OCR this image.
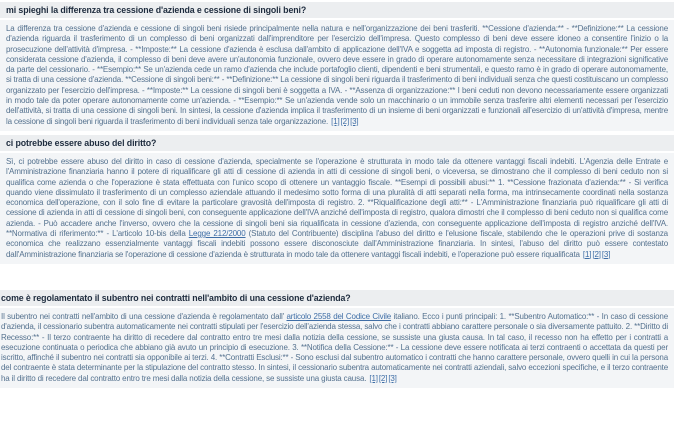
mi spieghi la differenza tra cessione d'azienda e cessione di singoli beni?
La differenza tra cessione d'azienda e cessione di singoli beni risiede principalmente nella natura e nell'organizzazione dei beni trasferiti. **Cessione d'azienda:** - **Definizione:** La cessione d'azienda riguarda il trasferimento di un complesso di beni organizzati dall'imprenditore per l'esercizio dell'impresa. Questo complesso di beni deve essere idoneo a consentire l'inizio o la prosecuzione dell'attività d'impresa. - **Imposte:** La cessione d'azienda è esclusa dall'ambito di applicazione dell'IVA e soggetta ad imposta di registro. - **Autonomia funzionale:** Per essere considerata cessione d'azienda, il complesso di beni deve avere un'autonomia funzionale, ovvero deve essere in grado di operare autonomamente senza necessitare di integrazioni significative da parte del cessionario. - **Esempio:** Se un'azienda cede un ramo d'azienda che include portafoglio clienti, dipendenti e beni strumentali, e questo ramo è in grado di operare autonomamente, si tratta di una cessione d'azienda. **Cessione di singoli beni:** - **Definizione:** La cessione di singoli beni riguarda il trasferimento di beni individuali senza che questi costituiscano un complesso organizzato per l'esercizio dell'impresa. - **Imposte:** La cessione di singoli beni è soggetta a IVA. - **Assenza di organizzazione:** I beni ceduti non devono necessariamente essere organizzati in modo tale da poter operare autonomamente come un'azienda. - **Esempio:** Se un'azienda vende solo un macchinario o un immobile senza trasferire altri elementi necessari per l'esercizio dell'attività, si tratta di una cessione di singoli beni. In sintesi, la cessione d'azienda implica il trasferimento di un insieme di beni organizzati e funzionali all'esercizio di un'attività d'impresa, mentre la cessione di singoli beni riguarda il trasferimento di beni individuali senza tale organizzazione. [1][2][3]
ci potrebbe essere abuso del diritto?
Sì, ci potrebbe essere abuso del diritto in caso di cessione d'azienda, specialmente se l'operazione è strutturata in modo tale da ottenere vantaggi fiscali indebiti. L'Agenzia delle Entrate e l'Amministrazione finanziaria hanno il potere di riqualificare gli atti di cessione di azienda in atti di cessione di singoli beni, o viceversa, se dimostrano che il complesso di beni ceduto non si qualifica come azienda o che l'operazione è stata effettuata con l'unico scopo di ottenere un vantaggio fiscale. **Esempi di possibili abusi:** 1. **Cessione frazionata d'azienda:** - Si verifica quando viene dissimulato il trasferimento di un complesso aziendale attuando il medesimo sotto forma di una pluralità di atti separati nella forma, ma intrinsecamente coordinati nella sostanza economica dell'operazione, con il solo fine di evitare la particolare gravosità dell'imposta di registro. 2. **Riqualificazione degli atti:** - L'Amministrazione finanziaria può riqualificare gli atti di cessione di azienda in atti di cessione di singoli beni, con conseguente applicazione dell'IVA anziché dell'imposta di registro, qualora dimostri che il complesso di beni ceduto non si qualifica come azienda. - Può accadere anche l'inverso, ovvero che la cessione di singoli beni sia riqualificata in cessione d'azienda, con conseguente applicazione dell'imposta di registro anziché dell'IVA. **Normativa di riferimento:** - L'articolo 10-bis della Legge 212/2000 (Statuto del Contribuente) disciplina l'abuso del diritto e l'elusione fiscale, stabilendo che le operazioni prive di sostanza economica che realizzano essenzialmente vantaggi fiscali indebiti possono essere disconosciute dall'Amministrazione finanziaria. In sintesi, l'abuso del diritto può essere contestato dall'Amministrazione finanziaria se l'operazione di cessione d'azienda è strutturata in modo tale da ottenere vantaggi fiscali indebiti, e l'operazione può essere riqualificata [1][2][3]
come è regolamentato il subentro nei contratti nell'ambito di una cessione d'azienda?
Il subentro nei contratti nell'ambito di una cessione d'azienda è regolamentato dall' articolo 2558 del Codice Civile italiano. Ecco i punti principali: 1. **Subentro Automatico:** - In caso di cessione d'azienda, il cessionario subentra automaticamente nei contratti stipulati per l'esercizio dell'azienda stessa, salvo che i contratti abbiano carattere personale o sia diversamente pattuito. 2. **Diritto di Recesso:** - Il terzo contraente ha diritto di recedere dal contratto entro tre mesi dalla notizia della cessione, se sussiste una giusta causa. In tal caso, il recesso non ha effetto per i contratti a esecuzione continuata o periodica che abbiano già avuto un principio di esecuzione. 3. **Notifica della Cessione:** - La cessione deve essere notificata ai terzi contraenti o accettata da questi per iscritto, affinché il subentro nei contratti sia opponibile ai terzi. 4. **Contratti Esclusi:** - Sono esclusi dal subentro automatico i contratti che hanno carattere personale, ovvero quelli in cui la persona del contraente è stata determinante per la stipulazione del contratto stesso. In sintesi, il cessionario subentra automaticamente nei contratti aziendali, salvo eccezioni specifiche, e il terzo contraente ha il diritto di recedere dal contratto entro tre mesi dalla notizia della cessione, se sussiste una giusta causa. [1][2][3]
